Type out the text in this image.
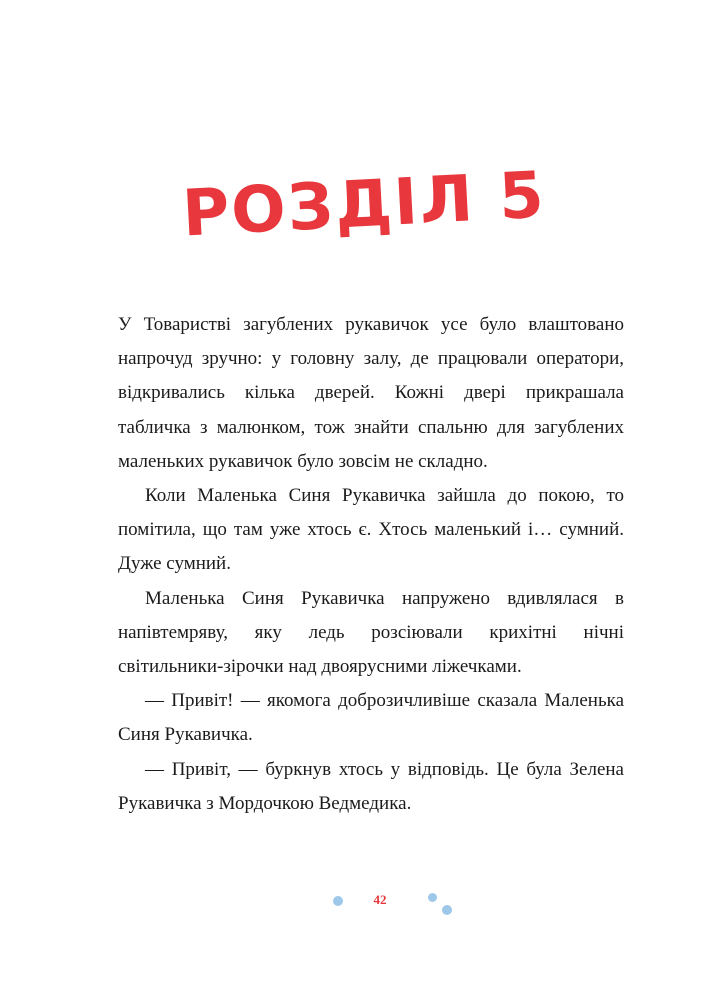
РОЗДІЛ 5

У Товаристві загублених рукавичок усе було влаштовано напрочуд зручно: у головну залу, де працювали оператори, відкривались кілька дверей. Кожні двері прикрашала табличка з малюнком, тож знайти спальню для загублених маленьких рукавичок було зовсім не складно.

Коли Маленька Синя Рукавичка зайшла до покою, то помітила, що там уже хтось є. Хтось маленький і… сумний. Дуже сумний.

Маленька Синя Рукавичка напружено вдивлялася в напівтемряву, яку ледь розсіювали крихітні нічні світильники-зірочки над двоярусними ліжечками.

— Привіт! — якомога доброзичливіше сказала Маленька Синя Рукавичка.

— Привіт, — буркнув хтось у відповідь. Це була Зелена Рукавичка з Мордочкою Ведмедика.

42
